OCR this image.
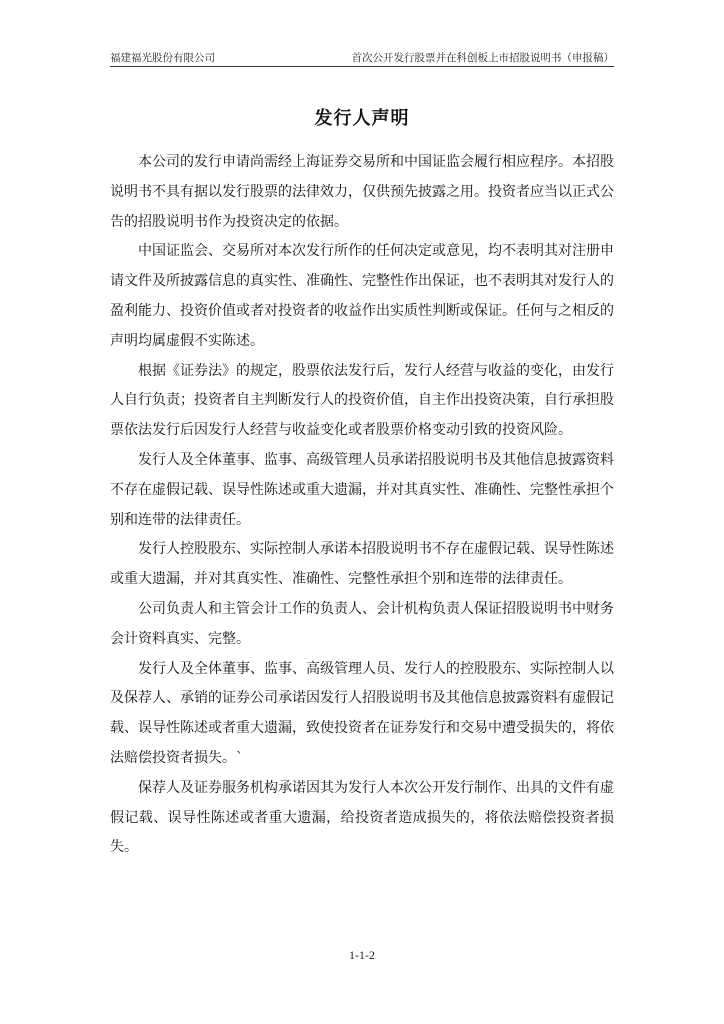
福建福光股份有限公司	首次公开发行股票并在科创板上市招股说明书（申报稿）
发行人声明

本公司的发行申请尚需经上海证券交易所和中国证监会履行相应程序。本招股说明书不具有据以发行股票的法律效力，仅供预先披露之用。投资者应当以正式公告的招股说明书作为投资决定的依据。

中国证监会、交易所对本次发行所作的任何决定或意见，均不表明其对注册申请文件及所披露信息的真实性、准确性、完整性作出保证，也不表明其对发行人的盈利能力、投资价值或者对投资者的收益作出实质性判断或保证。任何与之相反的声明均属虚假不实陈述。

根据《证券法》的规定，股票依法发行后，发行人经营与收益的变化，由发行人自行负责；投资者自主判断发行人的投资价值，自主作出投资决策，自行承担股票依法发行后因发行人经营与收益变化或者股票价格变动引致的投资风险。

发行人及全体董事、监事、高级管理人员承诺招股说明书及其他信息披露资料不存在虚假记载、误导性陈述或重大遗漏，并对其真实性、准确性、完整性承担个别和连带的法律责任。

发行人控股股东、实际控制人承诺本招股说明书不存在虚假记载、误导性陈述或重大遗漏，并对其真实性、准确性、完整性承担个别和连带的法律责任。

公司负责人和主管会计工作的负责人、会计机构负责人保证招股说明书中财务会计资料真实、完整。

发行人及全体董事、监事、高级管理人员、发行人的控股股东、实际控制人以及保荐人、承销的证券公司承诺因发行人招股说明书及其他信息披露资料有虚假记载、误导性陈述或者重大遗漏，致使投资者在证券发行和交易中遭受损失的，将依法赔偿投资者损失。`

保荐人及证券服务机构承诺因其为发行人本次公开发行制作、出具的文件有虚假记载、误导性陈述或者重大遗漏，给投资者造成损失的，将依法赔偿投资者损失。

1-1-2
